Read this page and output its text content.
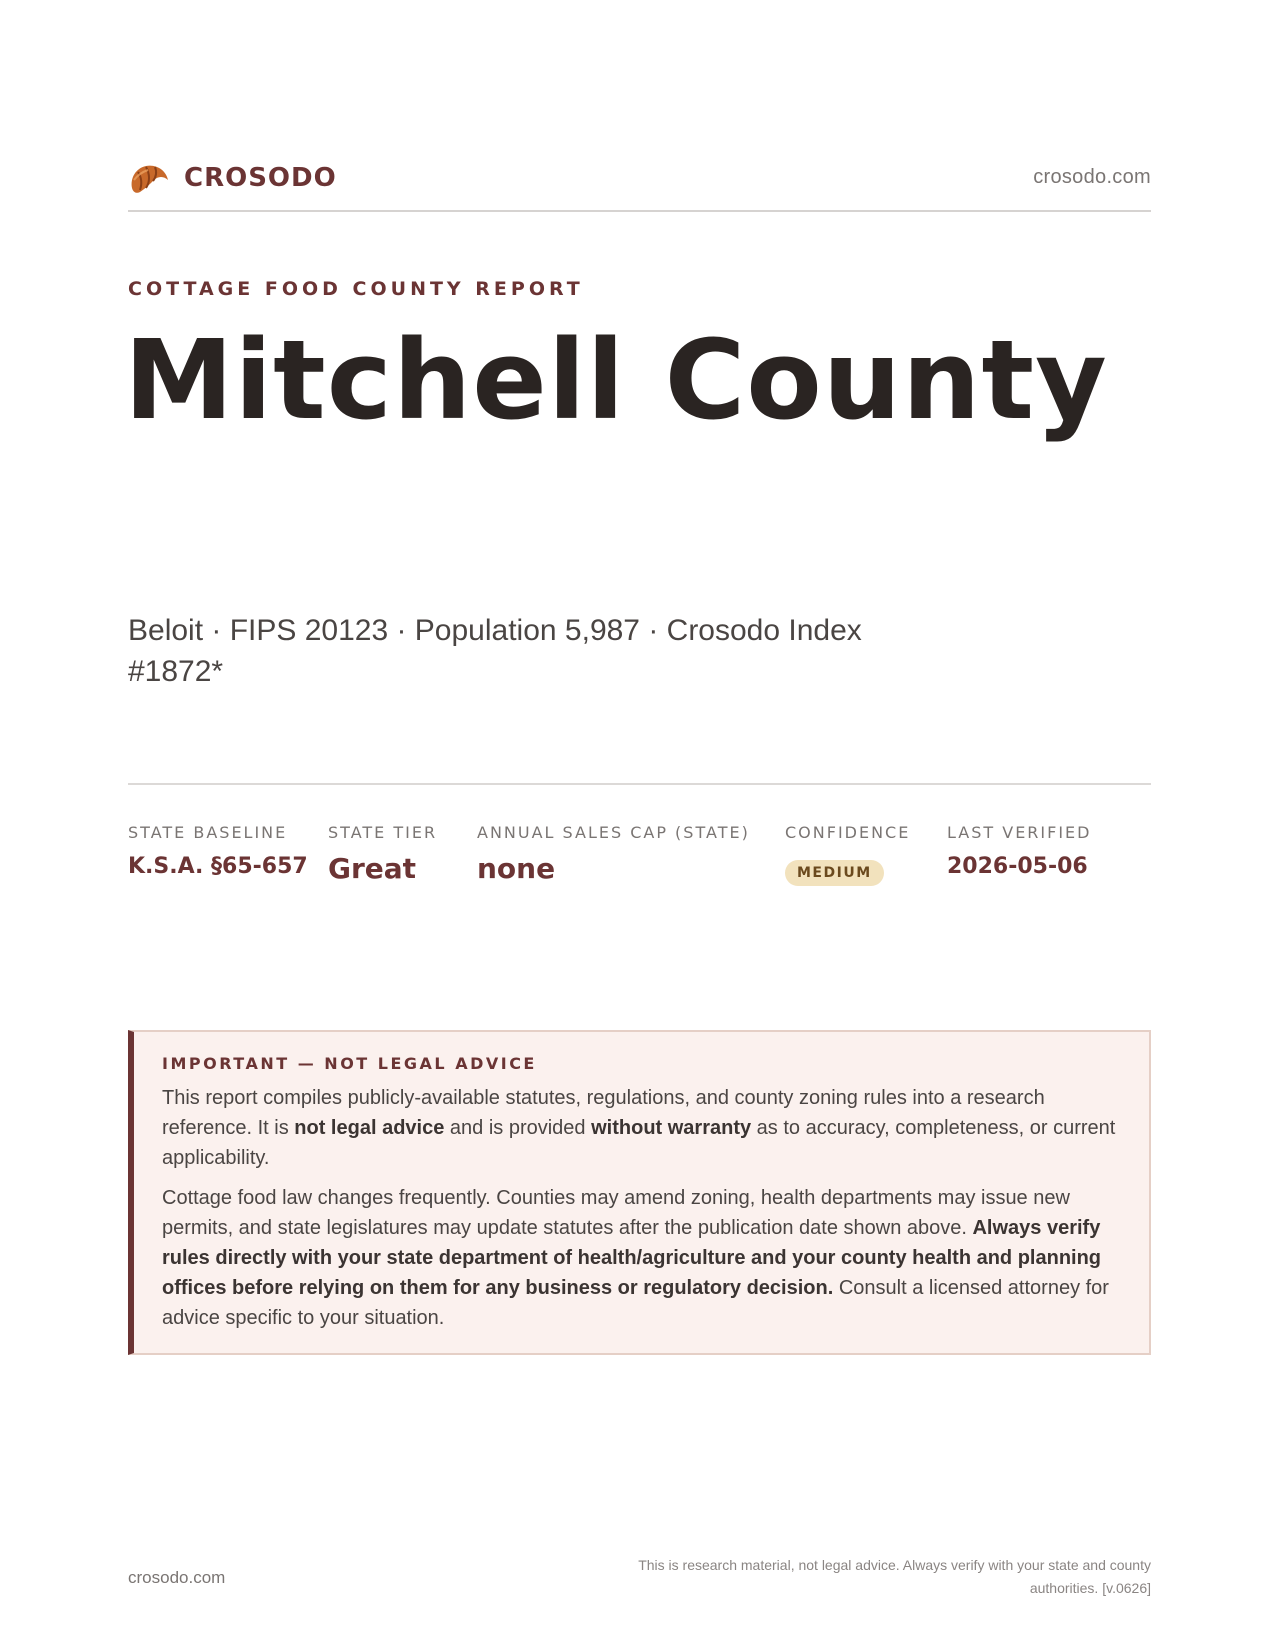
CROSODO	crosodo.com
COTTAGE FOOD COUNTY REPORT
Mitchell County
Beloit · FIPS 20123 · Population 5,987 · Crosodo Index #1872*
STATE BASELINE
K.S.A. §65-657
STATE TIER
Great
ANNUAL SALES CAP (STATE)
none
CONFIDENCE
MEDIUM
LAST VERIFIED
2026-05-06
IMPORTANT — NOT LEGAL ADVICE

This report compiles publicly-available statutes, regulations, and county zoning rules into a research reference. It is not legal advice and is provided without warranty as to accuracy, completeness, or current applicability.

Cottage food law changes frequently. Counties may amend zoning, health departments may issue new permits, and state legislatures may update statutes after the publication date shown above. Always verify rules directly with your state department of health/agriculture and your county health and planning offices before relying on them for any business or regulatory decision. Consult a licensed attorney for advice specific to your situation.

crosodo.com
This is research material, not legal advice. Always verify with your state and county authorities. [v.0626]
